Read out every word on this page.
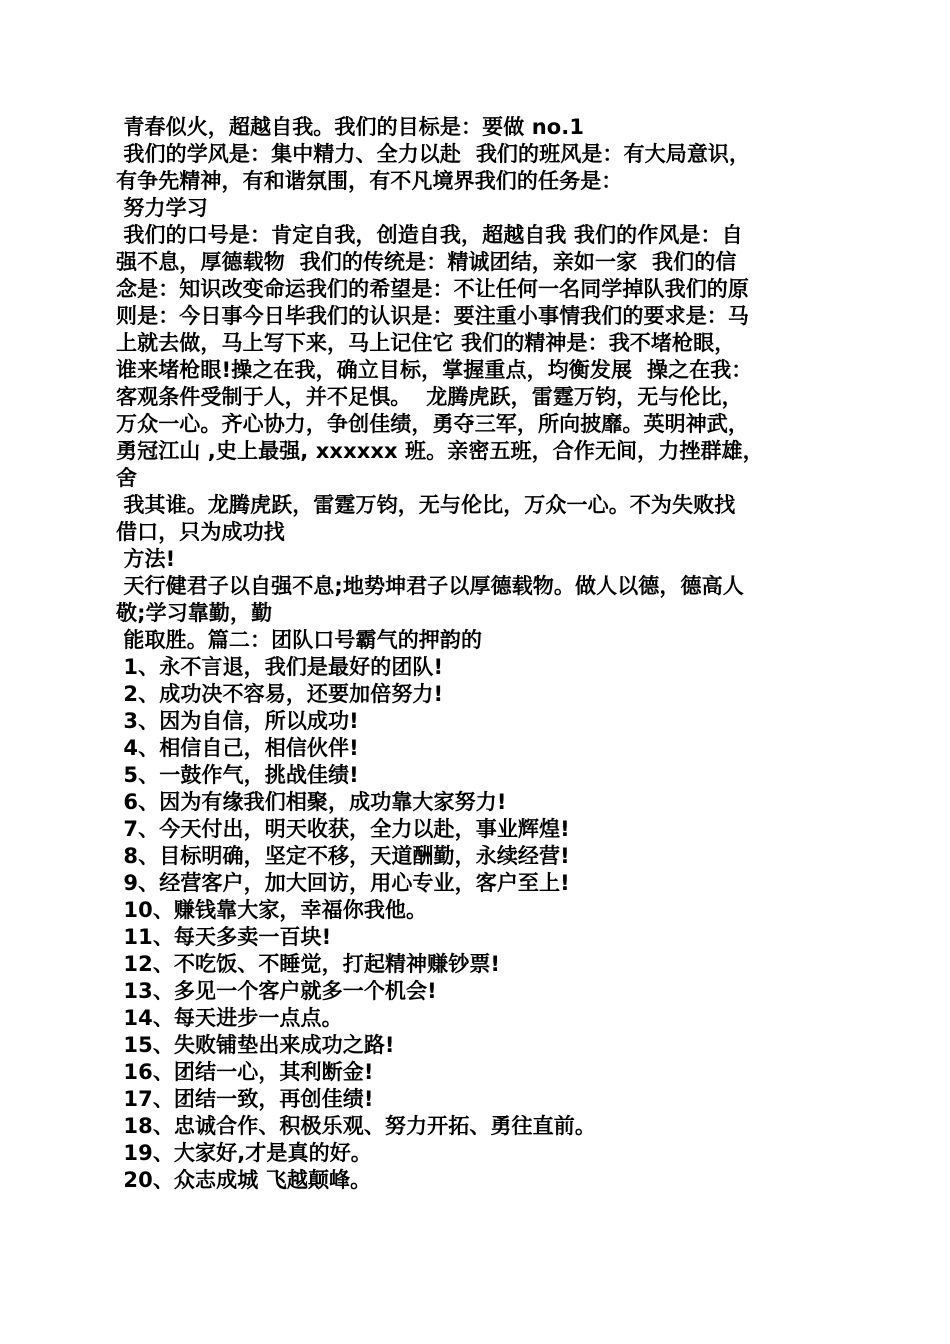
青春似火，超越自我。我们的目标是：要做 no.1
我们的学风是：集中精力、全力以赴  我们的班风是：有大局意识，
有争先精神，有和谐氛围，有不凡境界我们的任务是：
努力学习
我们的口号是：肯定自我，创造自我，超越自我 我们的作风是：自
强不息，厚德载物  我们的传统是：精诚团结，亲如一家  我们的信
念是：知识改变命运我们的希望是：不让任何一名同学掉队我们的原
则是：今日事今日毕我们的认识是：要注重小事情我们的要求是：马
上就去做，马上写下来，马上记住它 我们的精神是：我不堵枪眼，
谁来堵枪眼!操之在我，确立目标，掌握重点，均衡发展  操之在我：
客观条件受制于人，并不足惧。  龙腾虎跃，雷霆万钧，无与伦比，
万众一心。齐心协力，争创佳绩，勇夺三军，所向披靡。英明神武，
勇冠江山 ,史上最强, xxxxxx 班。亲密五班，合作无间，力挫群雄，
舍
我其谁。龙腾虎跃，雷霆万钧，无与伦比，万众一心。不为失败找
借口，只为成功找
方法!
天行健君子以自强不息;地势坤君子以厚德载物。做人以德，德高人
敬;学习靠勤，勤
能取胜。篇二：团队口号霸气的押韵的
1、永不言退，我们是最好的团队!
2、成功决不容易，还要加倍努力!
3、因为自信，所以成功!
4、相信自己，相信伙伴!
5、一鼓作气，挑战佳绩!
6、因为有缘我们相聚，成功靠大家努力!
7、今天付出，明天收获，全力以赴，事业辉煌!
8、目标明确，坚定不移，天道酬勤，永续经营!
9、经营客户，加大回访，用心专业，客户至上!
10、赚钱靠大家，幸福你我他。
11、每天多卖一百块!
12、不吃饭、不睡觉，打起精神赚钞票!
13、多见一个客户就多一个机会!
14、每天进步一点点。
15、失败铺垫出来成功之路!
16、团结一心，其利断金!
17、团结一致，再创佳绩!
18、忠诚合作、积极乐观、努力开拓、勇往直前。
19、大家好,才是真的好。
20、众志成城 飞越颠峰。
